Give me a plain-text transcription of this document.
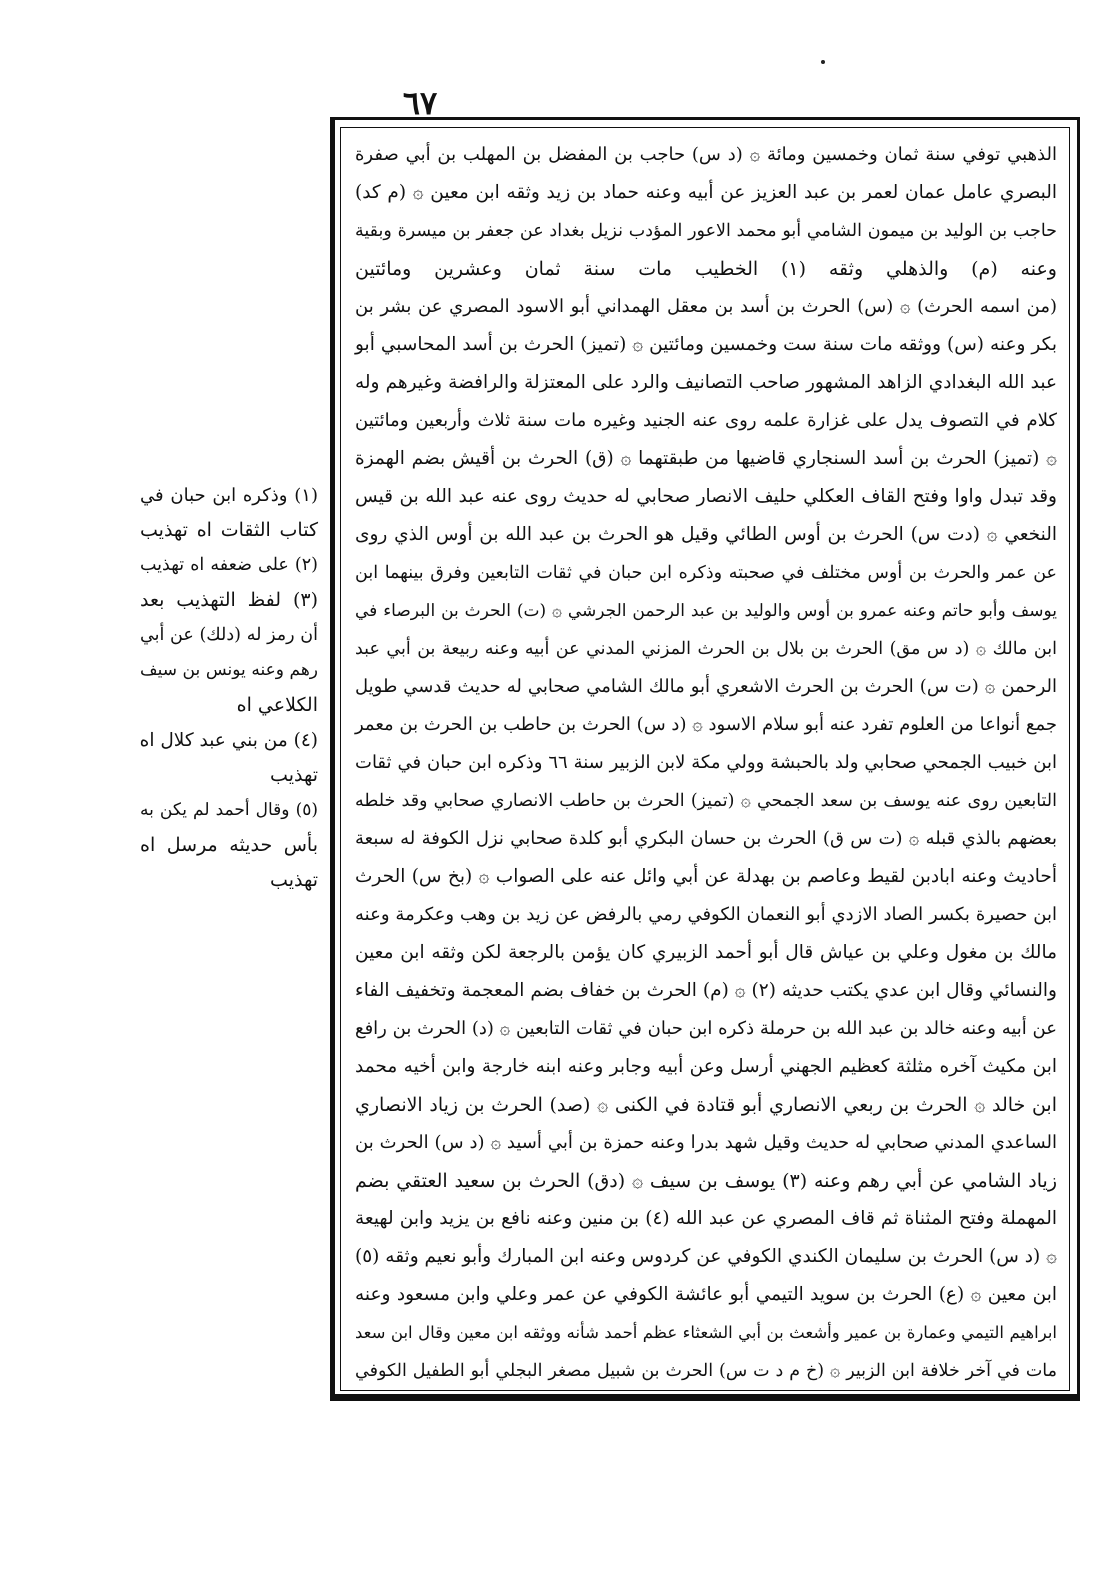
٦٧
الذهبي توفي سنة ثمان وخمسين ومائة ۞ (د س) حاجب بن المفضل بن المهلب بن أبي صفرة
البصري عامل عمان لعمر بن عبد العزيز عن أبيه وعنه حماد بن زيد وثقه ابن معين ۞ (م كد)
حاجب بن الوليد بن ميمون الشامي أبو محمد الاعور المؤدب نزيل بغداد عن جعفر بن ميسرة وبقية
وعنه (م) والذهلي وثقه (١) الخطيب مات سنة ثمان وعشرين ومائتين
(من اسمه الحرث) ۞ (س) الحرث بن أسد بن معقل الهمداني أبو الاسود المصري عن بشر بن
بكر وعنه (س) ووثقه مات سنة ست وخمسين ومائتين ۞ (تميز) الحرث بن أسد المحاسبي أبو
عبد الله البغدادي الزاهد المشهور صاحب التصانيف والرد على المعتزلة والرافضة وغيرهم وله
كلام في التصوف يدل على غزارة علمه روى عنه الجنيد وغيره مات سنة ثلاث وأربعين ومائتين
۞ (تميز) الحرث بن أسد السنجاري قاضيها من طبقتهما ۞ (ق) الحرث بن أقيش بضم الهمزة
وقد تبدل واوا وفتح القاف العكلي حليف الانصار صحابي له حديث روى عنه عبد الله بن قيس
النخعي ۞ (دت س) الحرث بن أوس الطائي وقيل هو الحرث بن عبد الله بن أوس الذي روى
عن عمر والحرث بن أوس مختلف في صحبته وذكره ابن حبان في ثقات التابعين وفرق بينهما ابن
يوسف وأبو حاتم وعنه عمرو بن أوس والوليد بن عبد الرحمن الجرشي ۞ (ت) الحرث بن البرصاء في
ابن مالك ۞ (د س مق) الحرث بن بلال بن الحرث المزني المدني عن أبيه وعنه ربيعة بن أبي عبد
الرحمن ۞ (ت س) الحرث بن الحرث الاشعري أبو مالك الشامي صحابي له حديث قدسي طويل
جمع أنواعا من العلوم تفرد عنه أبو سلام الاسود ۞ (د س) الحرث بن حاطب بن الحرث بن معمر
ابن خبيب الجمحي صحابي ولد بالحبشة وولي مكة لابن الزبير سنة ٦٦ وذكره ابن حبان في ثقات
التابعين روى عنه يوسف بن سعد الجمحي ۞ (تميز) الحرث بن حاطب الانصاري صحابي وقد خلطه
بعضهم بالذي قبله ۞ (ت س ق) الحرث بن حسان البكري أبو كلدة صحابي نزل الكوفة له سبعة
أحاديث وعنه ابادبن لقيط وعاصم بن بهدلة عن أبي وائل عنه على الصواب ۞ (بخ س) الحرث
ابن حصيرة بكسر الصاد الازدي أبو النعمان الكوفي رمي بالرفض عن زيد بن وهب وعكرمة وعنه
مالك بن مغول وعلي بن عياش قال أبو أحمد الزبيري كان يؤمن بالرجعة لكن وثقه ابن معين
والنسائي وقال ابن عدي يكتب حديثه (٢) ۞ (م) الحرث بن خفاف بضم المعجمة وتخفيف الفاء
عن أبيه وعنه خالد بن عبد الله بن حرملة ذكره ابن حبان في ثقات التابعين ۞ (د) الحرث بن رافع
ابن مكيث آخره مثلثة كعظيم الجهني أرسل وعن أبيه وجابر وعنه ابنه خارجة وابن أخيه محمد
ابن خالد ۞ الحرث بن ربعي الانصاري أبو قتادة في الكنى ۞ (صد) الحرث بن زياد الانصاري
الساعدي المدني صحابي له حديث وقيل شهد بدرا وعنه حمزة بن أبي أسيد ۞ (د س) الحرث بن
زياد الشامي عن أبي رهم وعنه (٣) يوسف بن سيف ۞ (دق) الحرث بن سعيد العتقي بضم
المهملة وفتح المثناة ثم قاف المصري عن عبد الله (٤) بن منين وعنه نافع بن يزيد وابن لهيعة
۞ (د س) الحرث بن سليمان الكندي الكوفي عن كردوس وعنه ابن المبارك وأبو نعيم وثقه (٥)
ابن معين ۞ (ع) الحرث بن سويد التيمي أبو عائشة الكوفي عن عمر وعلي وابن مسعود وعنه
ابراهيم التيمي وعمارة بن عمير وأشعث بن أبي الشعثاء عظم أحمد شأنه ووثقه ابن معين وقال ابن سعد
مات في آخر خلافة ابن الزبير ۞ (خ م د ت س) الحرث بن شبيل مصغر البجلي أبو الطفيل الكوفي
(١) وذكره ابن حبان في
كتاب الثقات اه تهذيب
(٢) على ضعفه اه تهذيب
(٣) لفظ التهذيب بعد
أن رمز له (دلك) عن أبي
رهم وعنه يونس بن سيف
الكلاعي اه
(٤) من بني عبد كلال اه
تهذيب
(٥) وقال أحمد لم يكن به
بأس حديثه مرسل اه
تهذيب
